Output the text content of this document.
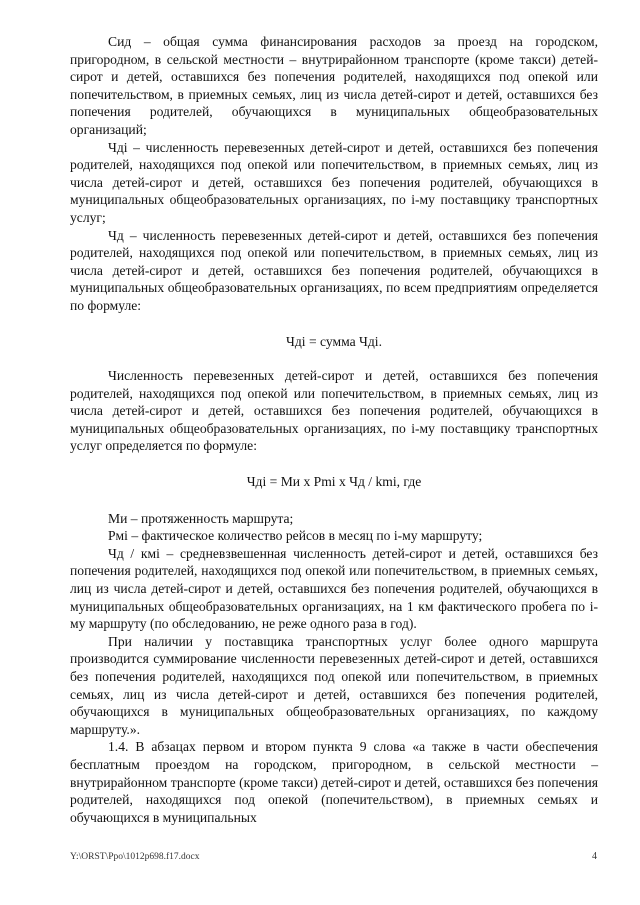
Сид – общая сумма финансирования расходов за проезд на городском, пригородном, в сельской местности – внутрирайонном транспорте (кроме такси) детей-сирот и детей, оставшихся без попечения родителей, находящихся под опекой или попечительством, в приемных семьях, лиц из числа детей-сирот и детей, оставшихся без попечения родителей, обучающихся в муниципальных общеобразовательных организаций;

Чдi – численность перевезенных детей-сирот и детей, оставшихся без попечения родителей, находящихся под опекой или попечительством, в приемных семьях, лиц из числа детей-сирот и детей, оставшихся без попечения родителей, обучающихся в муниципальных общеобразовательных организациях, по i-му поставщику транспортных услуг;

Чд – численность перевезенных детей-сирот и детей, оставшихся без попечения родителей, находящихся под опекой или попечительством, в приемных семьях, лиц из числа детей-сирот и детей, оставшихся без попечения родителей, обучающихся в муниципальных общеобразовательных организациях, по всем предприятиям определяется по формуле:

Чдi = сумма Чдi.

Численность перевезенных детей-сирот и детей, оставшихся без попечения родителей, находящихся под опекой или попечительством, в приемных семьях, лиц из числа детей-сирот и детей, оставшихся без попечения родителей, обучающихся в муниципальных общеобразовательных организациях, по i-му поставщику транспортных услуг определяется по формуле:

Чдi = Ми х Рmi х Чд / kmi, где

Ми – протяженность маршрута;

Рмi – фактическое количество рейсов в месяц по i-му маршруту;

Чд / кмi – средневзвешенная численность детей-сирот и детей, оставшихся без попечения родителей, находящихся под опекой или попечительством, в приемных семьях, лиц из числа детей-сирот и детей, оставшихся без попечения родителей, обучающихся в муниципальных общеобразовательных организациях, на 1 км фактического пробега по i-му маршруту (по обследованию, не реже одного раза в год).

При наличии у поставщика транспортных услуг более одного маршрута производится суммирование численности перевезенных детей-сирот и детей, оставшихся без попечения родителей, находящихся под опекой или попечительством, в приемных семьях, лиц из числа детей-сирот и детей, оставшихся без попечения родителей, обучающихся в муниципальных общеобразовательных организациях, по каждому маршруту.».

1.4. В абзацах первом и втором пункта 9 слова «а также в части обеспечения бесплатным проездом на городском, пригородном, в сельской местности – внутрирайонном транспорте (кроме такси) детей-сирот и детей, оставшихся без попечения родителей, находящихся под опекой (попечительством), в приемных семьях и обучающихся в муниципальных

Y:\ORST\Ppo\1012p698.f17.docx	4
